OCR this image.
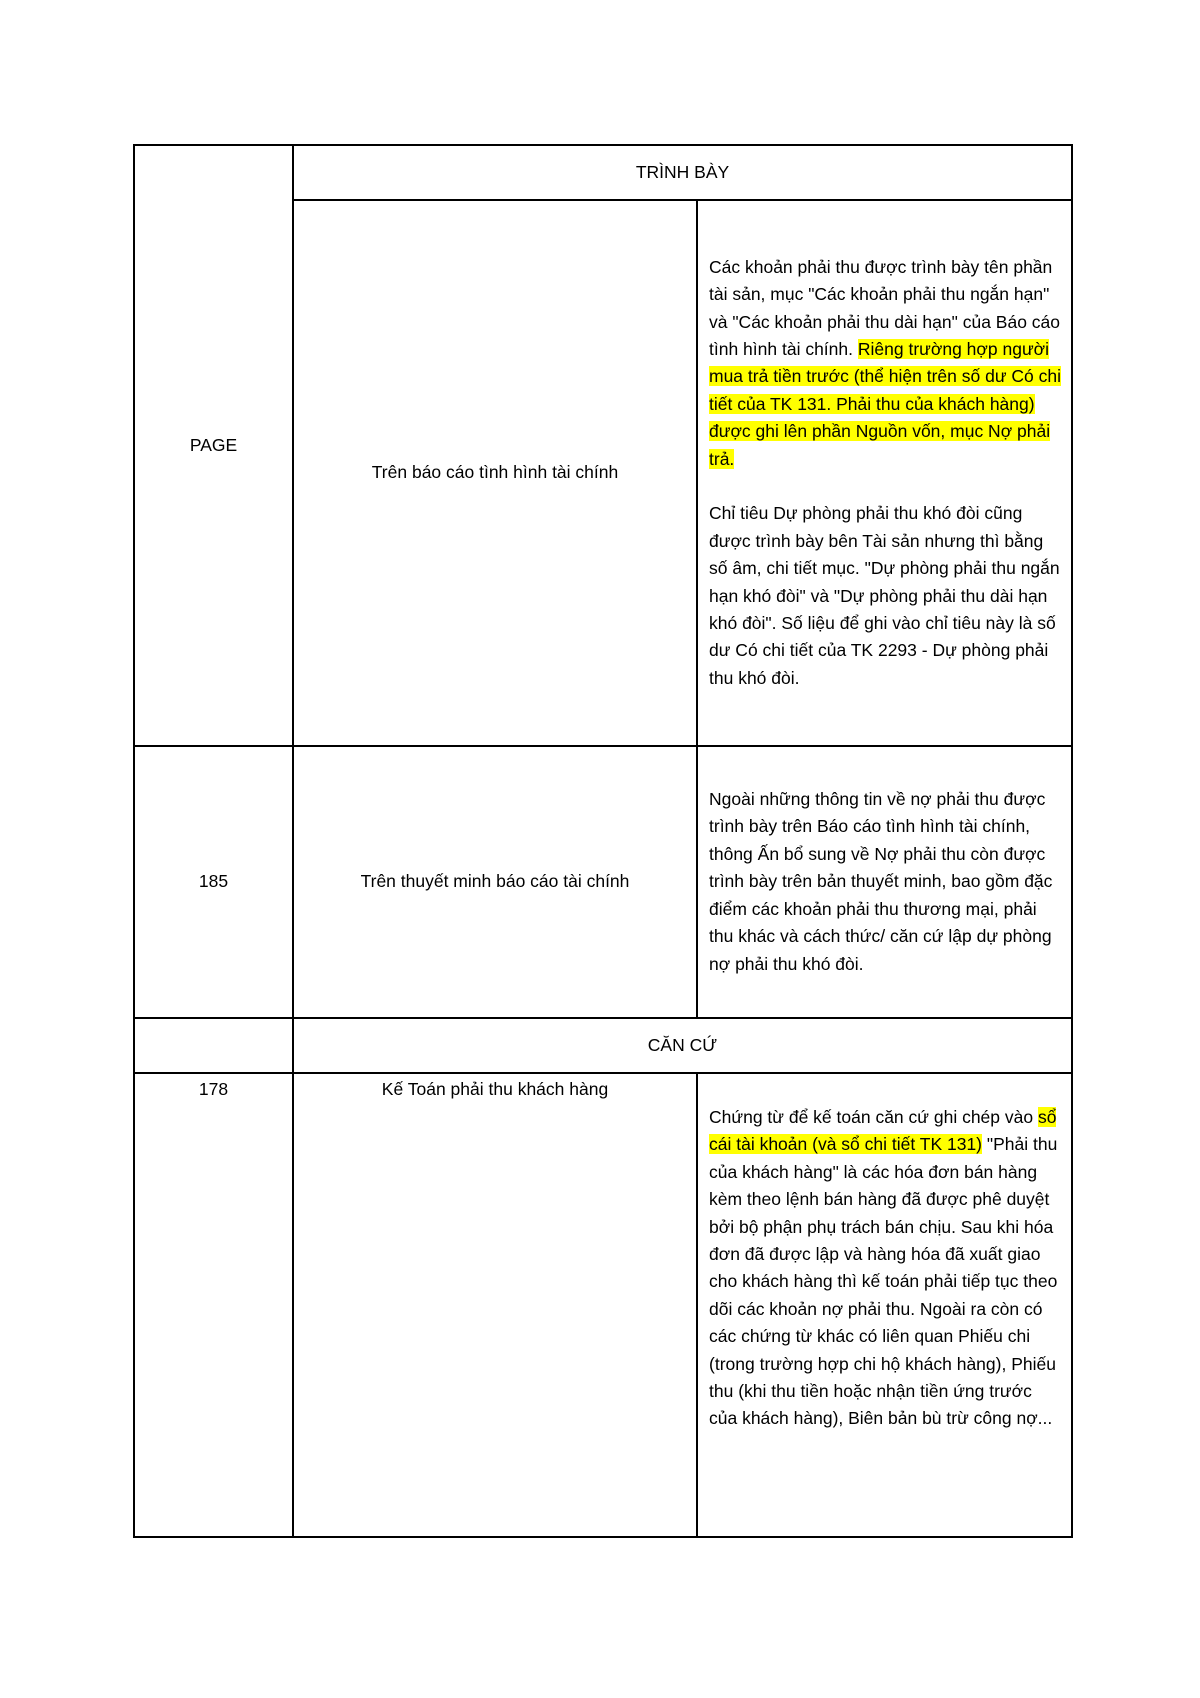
PAGE	TRÌNH BÀY	
	Trên báo cáo tình hình tài chính	Các khoản phải thu được trình bày tên phần tài sản, mục "Các khoản phải thu ngắn hạn" và "Các khoản phải thu dài hạn" của Báo cáo tình hình tài chính. Riêng trường hợp người mua trả tiền trước (thể hiện trên số dư Có chi tiết của TK 131. Phải thu của khách hàng) được ghi lên phần Nguồn vốn, mục Nợ phải trả.

Chỉ tiêu Dự phòng phải thu khó đòi cũng được trình bày bên Tài sản nhưng thì bằng số âm, chi tiết mục. "Dự phòng phải thu ngắn hạn khó đòi" và "Dự phòng phải thu dài hạn khó đòi". Số liệu để ghi vào chỉ tiêu này là số dư Có chi tiết của TK 2293 - Dự phòng phải thu khó đòi.

185	Trên thuyết minh báo cáo tài chính	Ngoài những thông tin về nợ phải thu được trình bày trên Báo cáo tình hình tài chính, thông Ấn bổ sung về Nợ phải thu còn được trình bày trên bản thuyết minh, bao gồm đặc điểm các khoản phải thu thương mại, phải thu khác và cách thức/ căn cứ lập dự phòng nợ phải thu khó đòi.

	CĂN CỨ	

178	Kế Toán phải thu khách hàng	Chứng từ để kế toán căn cứ ghi chép vào sổ cái tài khoản (và sổ chi tiết TK 131) "Phải thu của khách hàng" là các hóa đơn bán hàng kèm theo lệnh bán hàng đã được phê duyệt bởi bộ phận phụ trách bán chịu. Sau khi hóa đơn đã được lập và hàng hóa đã xuất giao cho khách hàng thì kế toán phải tiếp tục theo dõi các khoản nợ phải thu. Ngoài ra còn có các chứng từ khác có liên quan Phiếu chi (trong trường hợp chi hộ khách hàng), Phiếu thu (khi thu tiền hoặc nhận tiền ứng trước của khách hàng), Biên bản bù trừ công nợ...
